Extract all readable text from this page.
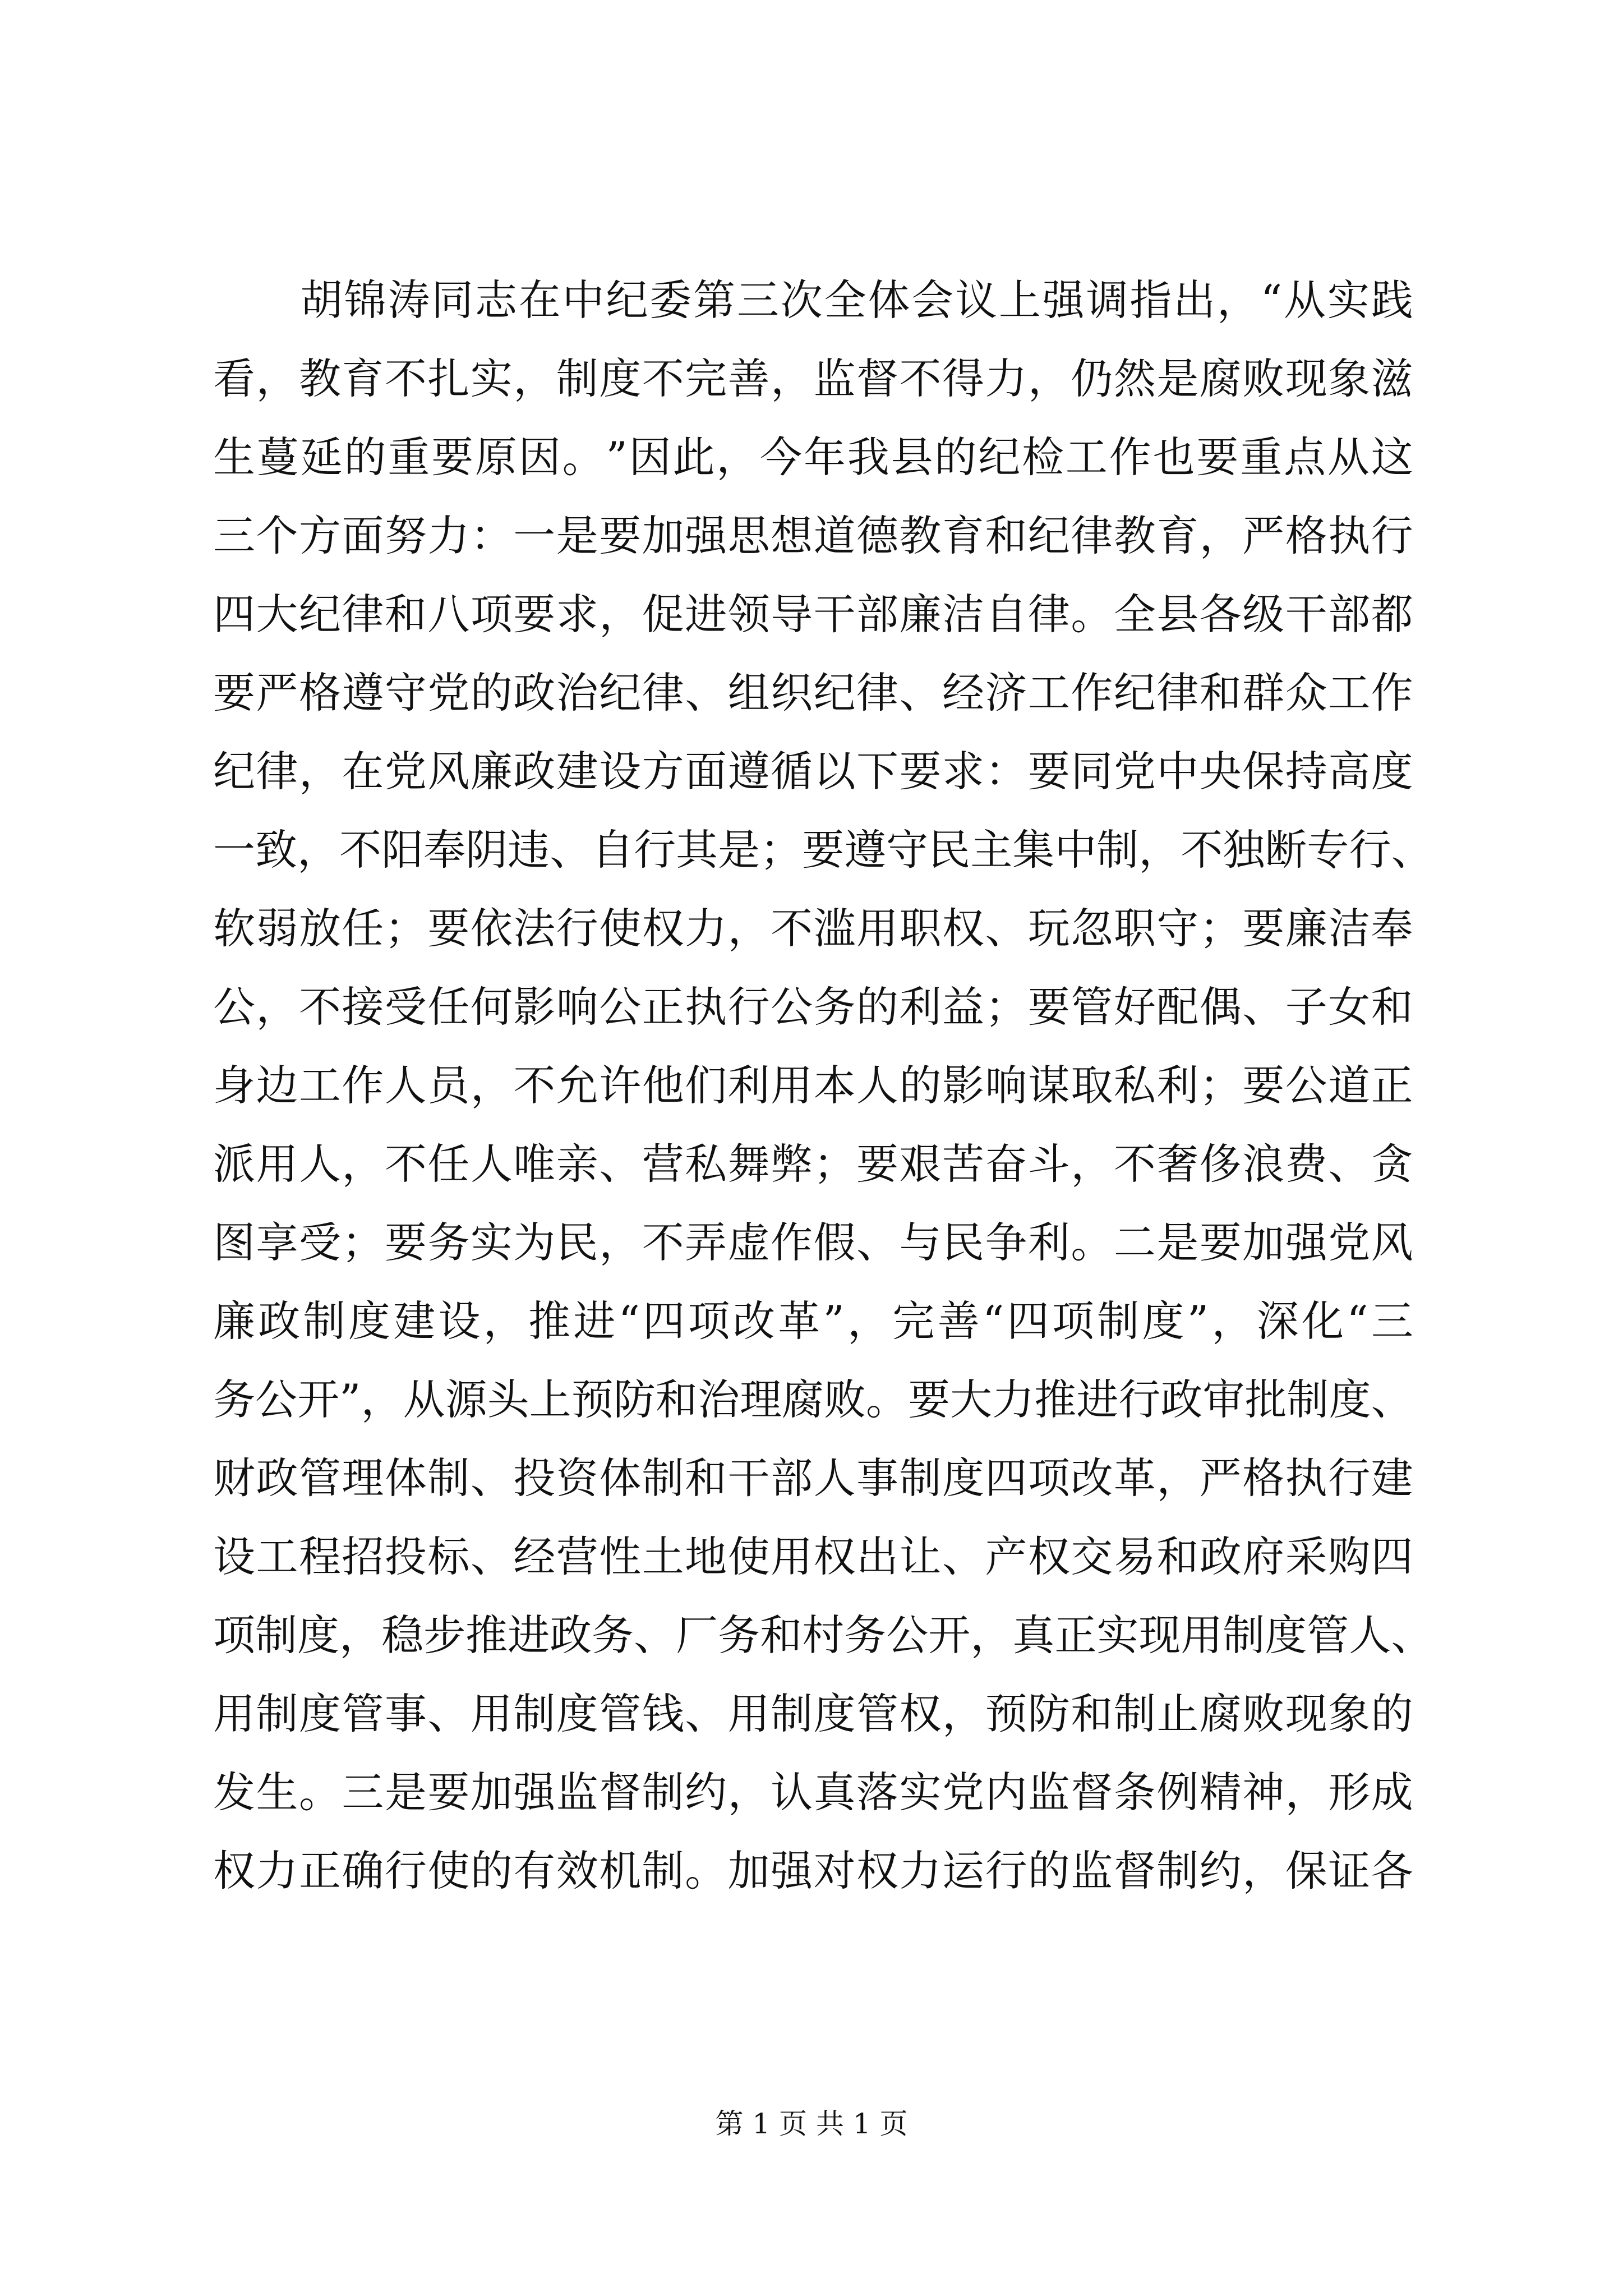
胡 锦 涛 同 志 在 中 纪 委 第 三 次 全 体 会 议 上 强 调 指 出 ， “ 从 实 践
看 ， 教 育 不 扎 实 ， 制 度 不 完 善 ， 监 督 不 得 力 ， 仍 然 是 腐 败 现 象 滋
生 蔓 延 的 重 要 原 因 。 ” 因 此 ， 今 年 我 县 的 纪 检 工 作 也 要 重 点 从 这
三 个 方 面 努 力 ： 一 是 要 加 强 思 想 道 德 教 育 和 纪 律 教 育 ， 严 格 执 行
四 大 纪 律 和 八 项 要 求 ， 促 进 领 导 干 部 廉 洁 自 律 。 全 县 各 级 干 部 都
要 严 格 遵 守 党 的 政 治 纪 律 、 组 织 纪 律 、 经 济 工 作 纪 律 和 群 众 工 作
纪 律 ， 在 党 风 廉 政 建 设 方 面 遵 循 以 下 要 求 ： 要 同 党 中 央 保 持 高 度
一 致 ， 不 阳 奉 阴 违 、 自 行 其 是 ； 要 遵 守 民 主 集 中 制 ， 不 独 断 专 行 、
软 弱 放 任 ； 要 依 法 行 使 权 力 ， 不 滥 用 职 权 、 玩 忽 职 守 ； 要 廉 洁 奉
公 ， 不 接 受 任 何 影 响 公 正 执 行 公 务 的 利 益 ； 要 管 好 配 偶 、 子 女 和
身 边 工 作 人 员 ， 不 允 许 他 们 利 用 本 人 的 影 响 谋 取 私 利 ； 要 公 道 正
派 用 人 ， 不 任 人 唯 亲 、 营 私 舞 弊 ； 要 艰 苦 奋 斗 ， 不 奢 侈 浪 费 、 贪
图 享 受 ； 要 务 实 为 民 ， 不 弄 虚 作 假 、 与 民 争 利 。 二 是 要 加 强 党 风
廉 政 制 度 建 设 ， 推 进 “ 四 项 改 革 ” ， 完 善 “ 四 项 制 度 ” ， 深 化 “ 三
务 公 开 ” ， 从 源 头 上 预 防 和 治 理 腐 败 。 要 大 力 推 进 行 政 审 批 制 度 、
财 政 管 理 体 制 、 投 资 体 制 和 干 部 人 事 制 度 四 项 改 革 ， 严 格 执 行 建
设 工 程 招 投 标 、 经 营 性 土 地 使 用 权 出 让 、 产 权 交 易 和 政 府 采 购 四
项 制 度 ， 稳 步 推 进 政 务 、 厂 务 和 村 务 公 开 ， 真 正 实 现 用 制 度 管 人 、
用 制 度 管 事 、 用 制 度 管 钱 、 用 制 度 管 权 ， 预 防 和 制 止 腐 败 现 象 的
发 生 。 三 是 要 加 强 监 督 制 约 ， 认 真 落 实 党 内 监 督 条 例 精 神 ， 形 成
权 力 正 确 行 使 的 有 效 机 制 。 加 强 对 权 力 运 行 的 监 督 制 约 ， 保 证 各
第 1 页 共 1 页
